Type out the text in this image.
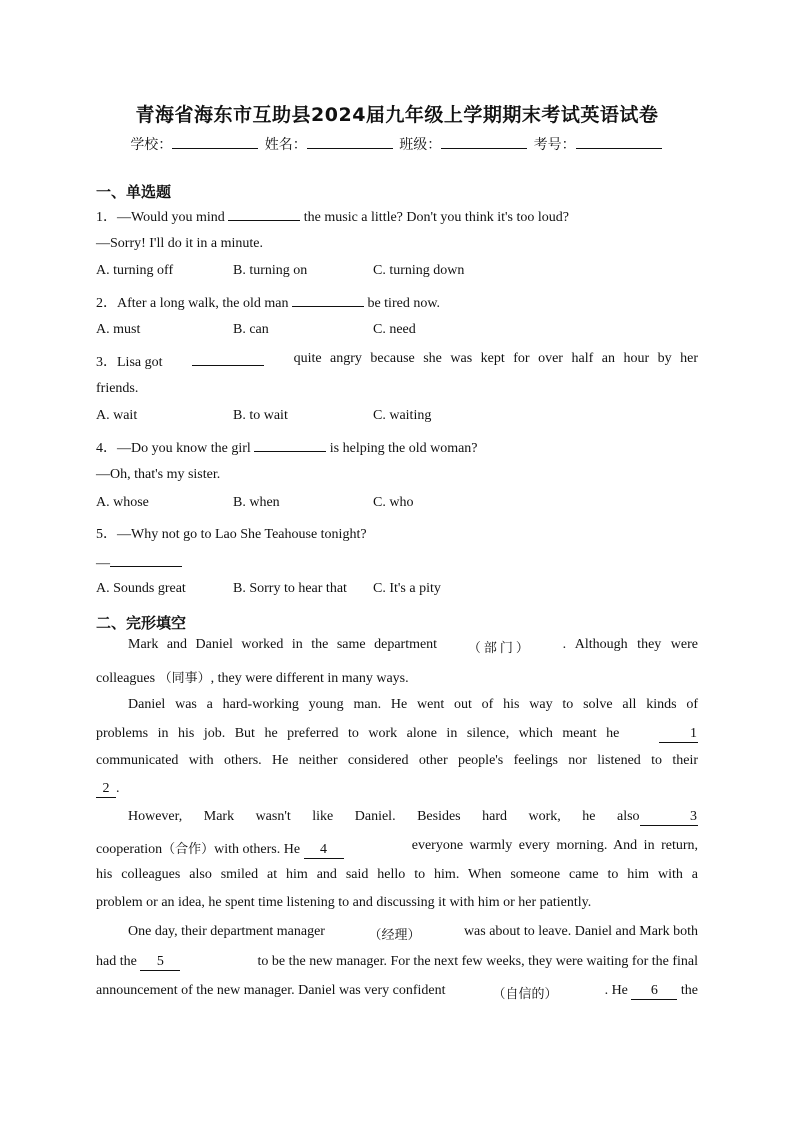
青海省海东市互助县2024届九年级上学期期末考试英语试卷
学校：	姓名：	班级：	考号：
一、单选题
1．—Would you mind	the music a little? Don't you think it's too loud?
—Sorry! I'll do it in a minute.
A. turning off	B. turning on	C. turning down
2．After a long walk, the old man	be tired now.
A. must	B. can	C. need
3．Lisa got	quite angry because she was kept for over half an hour by her
friends.
A. wait	B. to wait	C. waiting
4．—Do you know the girl	is helping the old woman?
—Oh, that's my sister.
A. whose	B. when	C. who
5．—Why not go to Lao She Teahouse tonight?
—
A. Sounds great	B. Sorry to hear that C. It's a pity
二、完形填空
Mark and Daniel worked in the same department （部门） . Although they were
colleagues （同事）, they were different in many ways.
Daniel was a hard-working young man. He went out of his way to solve all kinds of
problems in his job. But he preferred to work alone in silence, which meant he	1
communicated with others. He neither considered other people's feelings nor listened to their
2 .
However, Mark wasn't like Daniel. Besides hard work, he also	3
cooperation（合作）with others. He 4	everyone warmly every morning. And in return,
his colleagues also smiled at him and said hello to him. When someone came to him with a
problem or an idea, he spent time listening to and discussing it with him or her patiently.
One day, their department manager	（经理）	was about to leave. Daniel and Mark both
had the 5	to be the new manager. For the next few weeks, they were waiting for the final
announcement of the new manager. Daniel was very confident	（自信的）	. He 6 the
